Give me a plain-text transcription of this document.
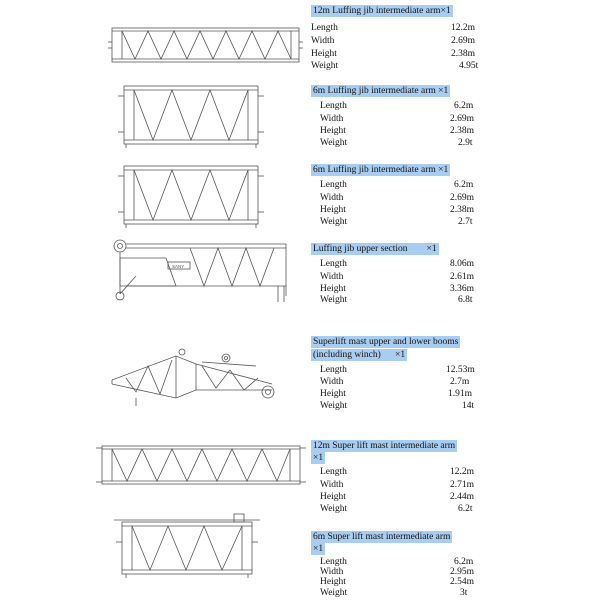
SANY
12m Luffing jib intermediate arm×1
Length	12.2m
Width	2.69m
Height	2.38m
Weight	4.95t
6m Luffing jib intermediate arm ×1
Length	6.2m
Width	2.69m
Height	2.38m
Weight	2.9t
6m Luffing jib intermediate arm ×1
Length	6.2m
Width	2.69m
Height	2.38m
Weight	2.7t
Luffing jib upper section        ×1
Length	8.06m
Width	2.61m
Height	3.36m
Weight	6.8t
Superlift mast upper and lower booms
(including winch)      ×1
Length	12.53m
Width	2.7m
Height	1.91m
Weight	14t
12m Super lift mast intermediate arm
×1
Length	12.2m
Width	2.71m
Height	2.44m
Weight	6.2t
6m Super lift mast intermediate arm
×1
Length	6.2m
Width	2.95m
Height	2.54m
Weight	3t
